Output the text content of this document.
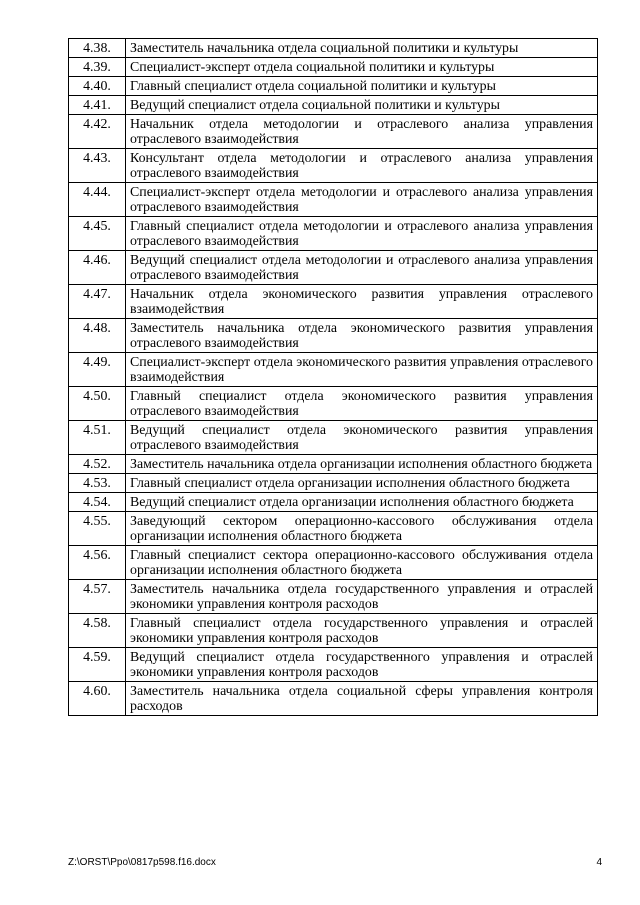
4.38.	Заместитель начальника отдела социальной политики и культуры
4.39.	Специалист-эксперт отдела социальной политики и культуры
4.40.	Главный специалист отдела социальной политики и культуры
4.41.	Ведущий специалист отдела социальной политики и культуры
4.42.	Начальник отдела методологии и отраслевого анализа управления отраслевого взаимодействия
4.43.	Консультант отдела методологии и отраслевого анализа управления отраслевого взаимодействия
4.44.	Специалист-эксперт отдела методологии и отраслевого анализа управления отраслевого взаимодействия
4.45.	Главный специалист отдела методологии и отраслевого анализа управления отраслевого взаимодействия
4.46.	Ведущий специалист отдела методологии и отраслевого анализа управления отраслевого взаимодействия
4.47.	Начальник отдела экономического развития управления отраслевого взаимодействия
4.48.	Заместитель начальника отдела экономического развития управления отраслевого взаимодействия
4.49.	Специалист-эксперт отдела экономического развития управления отраслевого взаимодействия
4.50.	Главный специалист отдела экономического развития управления отраслевого взаимодействия
4.51.	Ведущий специалист отдела экономического развития управления отраслевого взаимодействия
4.52.	Заместитель начальника отдела организации исполнения областного бюджета
4.53.	Главный специалист отдела организации исполнения областного бюджета
4.54.	Ведущий специалист отдела организации исполнения областного бюджета
4.55.	Заведующий сектором операционно-кассового обслуживания отдела организации исполнения областного бюджета
4.56.	Главный специалист сектора операционно-кассового обслуживания отдела организации исполнения областного бюджета
4.57.	Заместитель начальника отдела государственного управления и отраслей экономики управления контроля расходов
4.58.	Главный специалист отдела государственного управления и отраслей экономики управления контроля расходов
4.59.	Ведущий специалист отдела государственного управления и отраслей экономики управления контроля расходов
4.60.	Заместитель начальника отдела социальной сферы управления контроля расходов
Z:\ORST\Ppo\0817p598.f16.docx	4
